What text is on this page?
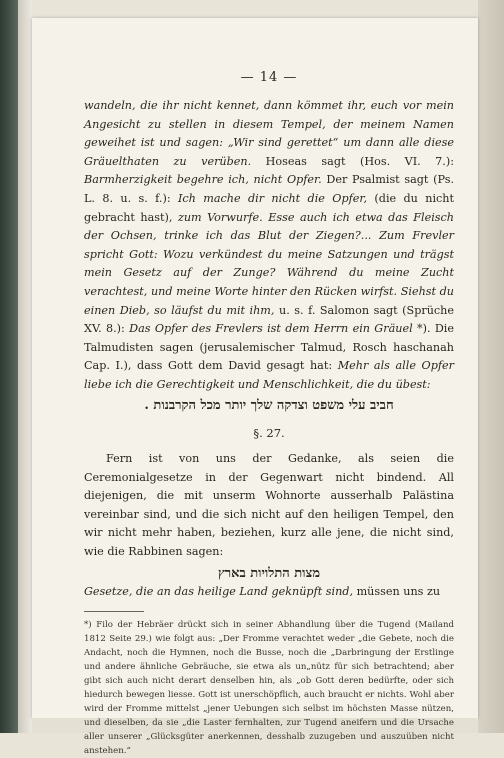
— 14 —

wandeln, die ihr nicht kennet, dann kömmet ihr, euch vor mein Angesicht zu stellen in diesem Tempel, der meinem Namen geweihet ist und sagen: „Wir sind gerettet“ um dann alle diese Gräuelthaten zu verüben. Hoseas sagt (Hos. VI. 7.): Barmherzigkeit begehre ich, nicht Opfer. Der Psalmist sagt (Ps. L. 8. u. s. f.): Ich mache dir nicht die Opfer, (die du nicht gebracht hast), zum Vorwurfe. Esse auch ich etwa das Fleisch der Ochsen, trinke ich das Blut der Ziegen?... Zum Frevler spricht Gott: Wozu verkündest du meine Satzungen und trägst mein Gesetz auf der Zunge? Während du meine Zucht verachtest, und meine Worte hinter den Rücken wirfst. Siehst du einen Dieb, so läufst du mit ihm, u. s. f. Salomon sagt (Sprüche XV. 8.): Das Opfer des Frevlers ist dem Herrn ein Gräuel *). Die Talmudisten sagen (jerusalemischer Talmud, Rosch haschanah Cap. I.), dass Gott dem David gesagt hat: Mehr als alle Opfer liebe ich die Gerechtigkeit und Menschlichkeit, die du übest:

חביב עלי משפט וצדקה שלך יותר מכל הקרבנות .
§. 27.

Fern ist von uns der Gedanke, als seien die Ceremonialgesetze in der Gegenwart nicht bindend. All diejenigen, die mit unserm Wohnorte ausserhalb Palästina vereinbar sind, und die sich nicht auf den heiligen Tempel, den wir nicht mehr haben, beziehen, kurz alle jene, die nicht sind, wie die Rabbinen sagen:

מצות התלויות בארץ

Gesetze, die an das heilige Land geknüpft sind, müssen uns zu

*) Filo der Hebräer drückt sich in seiner Abhandlung über die Tugend (Mailand 1812 Seite 29.) wie folgt aus: „Der Fromme verachtet weder „die Gebete, noch die Andacht, noch die Hymnen, noch die Busse, noch die „Darbringung der Erstlinge und andere ähnliche Gebräuche, sie etwa als un„nütz für sich betrachtend; aber gibt sich auch nicht derart denselben hin, als „ob Gott deren bedürfte, oder sich hiedurch bewegen liesse. Gott ist unerschöpflich, auch braucht er nichts. Wohl aber wird der Fromme mittelst „jener Uebungen sich selbst im höchsten Masse nützen, und dieselben, da sie „die Laster fernhalten, zur Tugend aneifern und die Ursache aller unserer „Glücksgüter anerkennen, desshalb zuzugeben und auszuüben nicht anstehen.“
